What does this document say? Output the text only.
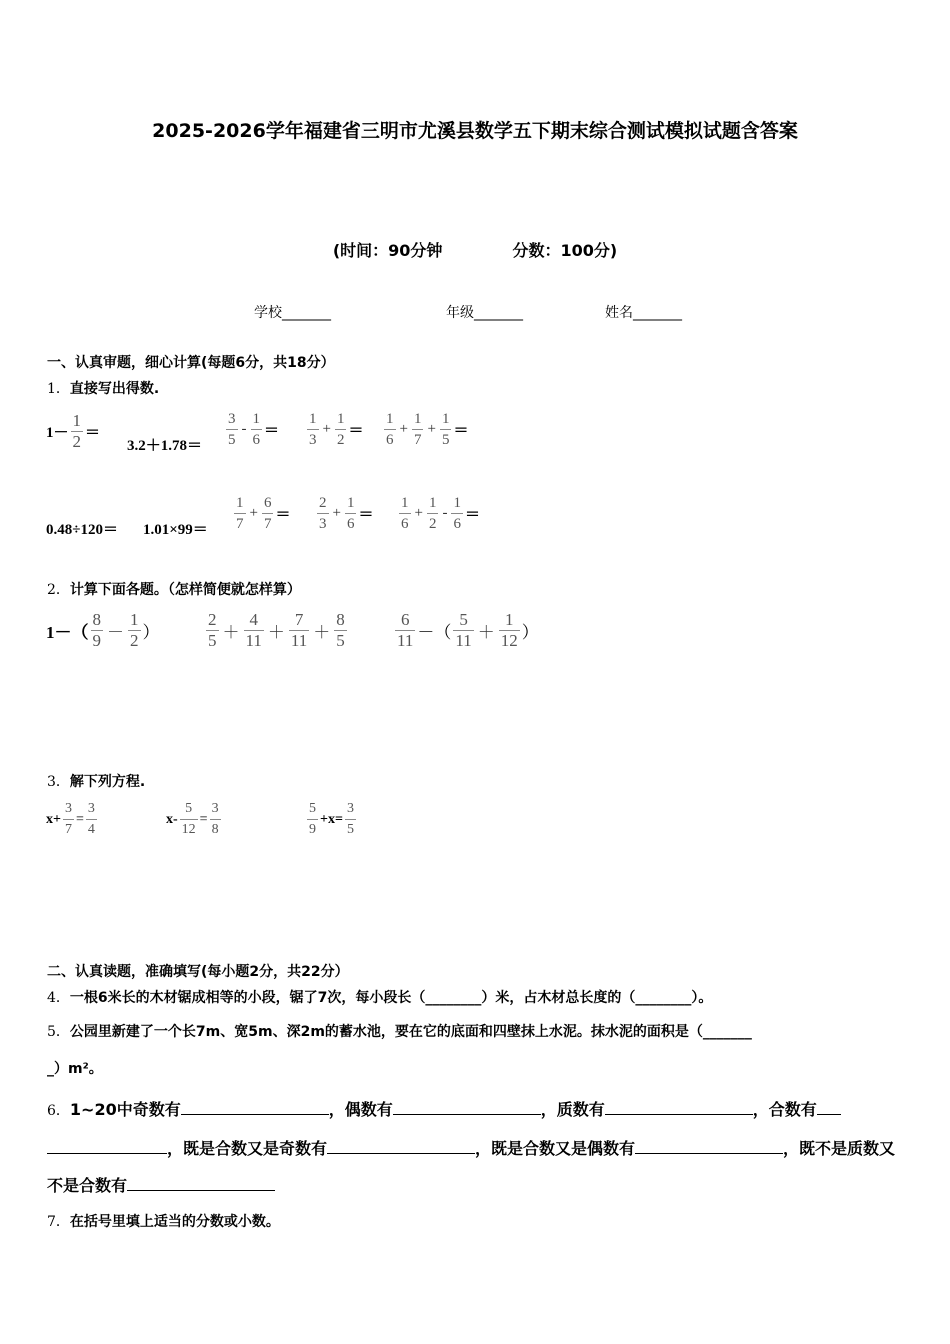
2025-2026学年福建省三明市尤溪县数学五下期末综合测试模拟试题含答案
(时间：90分钟	分数：100分)
学校_______	年级_______	姓名_______
一、认真审题，细心计算(每题6分，共18分）
1．直接写出得数.
1－
1
2 ＝
3.2＋1.78＝
3
5
-
1
6
＝
1
3
+ $\frac{1}{2}$ ＝
1
6
+ $\frac{1}{7} + \frac{1}{5}$ ＝
0.48÷120＝ 1.01×99＝
1
7
+ $\frac{6}{7}$ ＝
2
3
+ $\frac{1}{6}$ ＝
1
6
+ $\frac{1}{2}$ -
1
6
＝
2．计算下面各题。（怎样简便就怎样算）
1－（
8
9 －
1
2 ）
2
5 ＋
4
11 ＋
7
11 ＋
8
5
6
11 －（
5
11 ＋
1
12 ）
3．解下列方程.
$x+ \frac{3}{7} = \frac{3}{4}$	$x- \frac{5}{12} = \frac{3}{8}$	5
9
$+x= \frac{3}{5}$
二、认真读题，准确填写(每小题2分，共22分）
4．一根6米长的木材锯成相等的小段，锯了7次，每小段长（________）米，占木材总长度的（________）。
5．公园里新建了一个长7m、宽5m、深2m的蓄水池，要在它的底面和四壁抹上水泥。抹水泥的面积是（_______
_）m²。
6．1~20中奇数有	，偶数有	，质数有	，合数有，既是合数又是奇数有	，既是合数又是偶数有	，既不是质数又不是合数有
7．在括号里填上适当的分数或小数。
